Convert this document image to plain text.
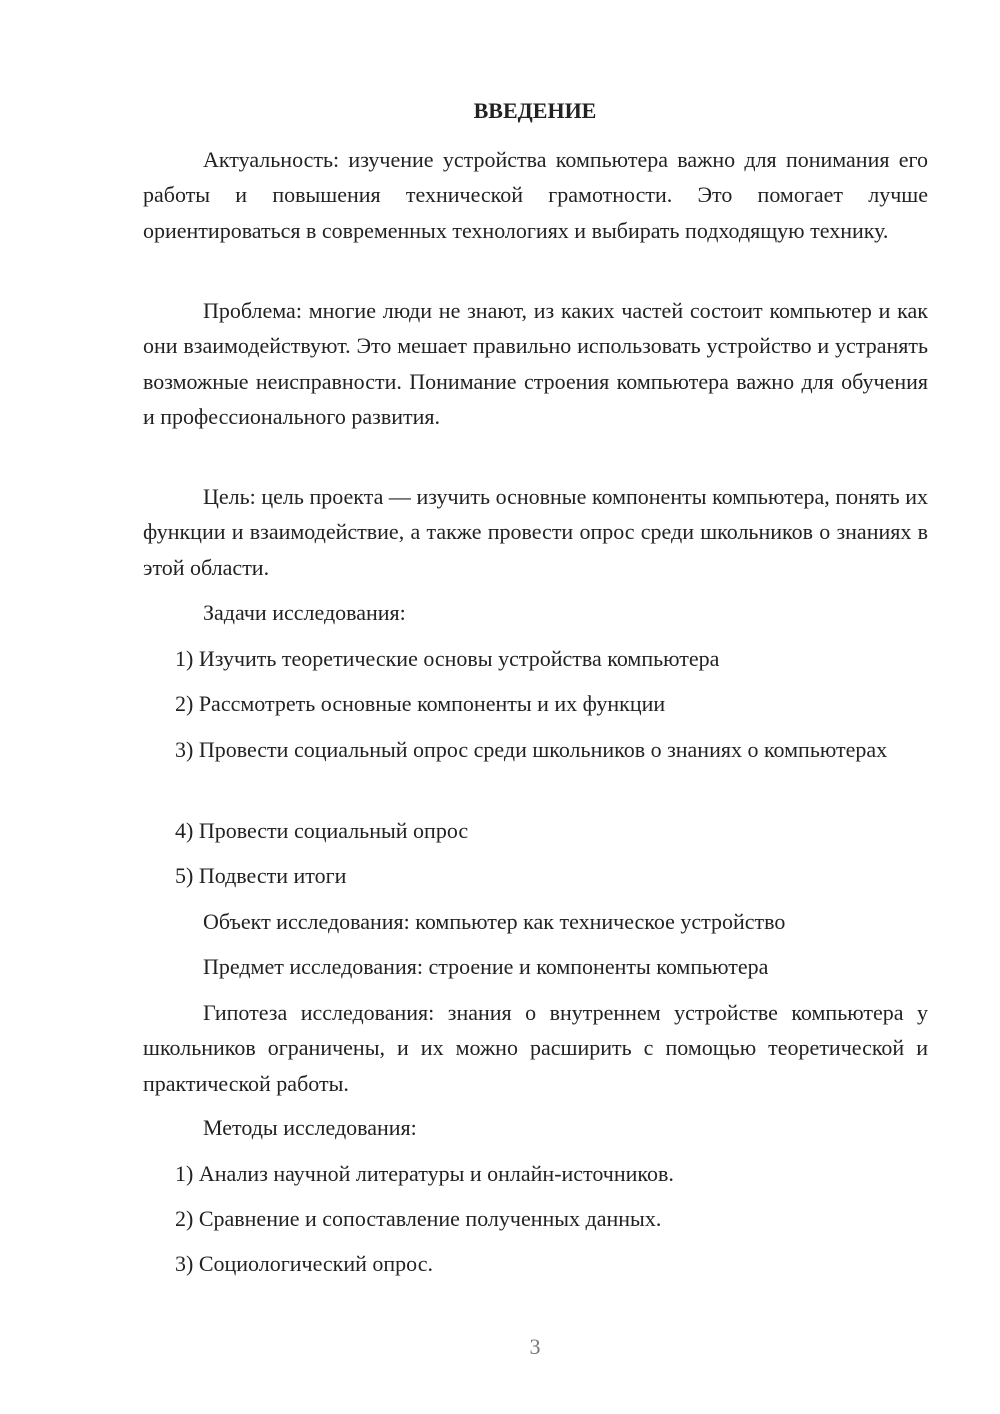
ВВЕДЕНИЕ

Актуальность: изучение устройства компьютера важно для понимания его работы и повышения технической грамотности. Это помогает лучше ориентироваться в современных технологиях и выбирать подходящую технику.

Проблема: многие люди не знают, из каких частей состоит компьютер и как они взаимодействуют. Это мешает правильно использовать устройство и устранять возможные неисправности. Понимание строения компьютера важно для обучения и профессионального развития.

Цель: цель проекта — изучить основные компоненты компьютера, понять их функции и взаимодействие, а также провести опрос среди школьников о знаниях в этой области.

Задачи исследования:

1) Изучить теоретические основы устройства компьютера

2) Рассмотреть основные компоненты и их функции

3) Провести социальный опрос среди школьников о знаниях о компьютерах

4) Провести социальный опрос

5) Подвести итоги

Объект исследования: компьютер как техническое устройство

Предмет исследования: строение и компоненты компьютера

Гипотеза исследования: знания о внутреннем устройстве компьютера у школьников ограничены, и их можно расширить с помощью теоретической и практической работы.

Методы исследования:

1) Анализ научной литературы и онлайн-источников.

2) Сравнение и сопоставление полученных данных.

3) Социологический опрос.

3
